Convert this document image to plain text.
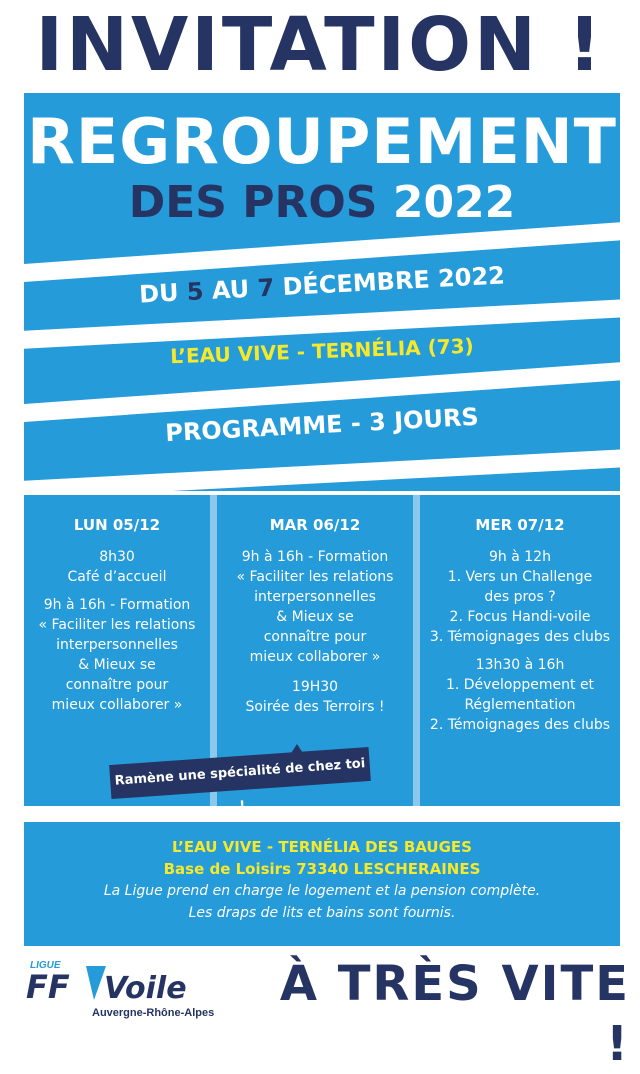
INVITATION !
REGROUPEMENT
DES PROS 2022
DU 5 AU 7 DÉCEMBRE 2022
L’EAU VIVE - TERNÉLIA (73)
PROGRAMME - 3 JOURS
LUN 05/12

8h30
Café d’accueil

9h à 16h - Formation
« Faciliter les relations
interpersonnelles
& Mieux se
connaître pour
mieux collaborer »

MAR 06/12

9h à 16h - Formation
« Faciliter les relations
interpersonnelles
& Mieux se
connaître pour
mieux collaborer »

19H30
Soirée des Terroirs !

MER 07/12

9h à 12h
1. Vers un Challenge
des pros ?
2. Focus Handi-voile
3. Témoignages des clubs

13h30 à 16h
1. Développement et
Réglementation
2. Témoignages des clubs

Ramène une spécialité de chez toi !
L’EAU VIVE - TERNÉLIA DES BAUGES
Base de Loisirs 73340 LESCHERAINES
La Ligue prend en charge le logement et la pension complète.
Les draps de lits et bains sont fournis.
LIGUE
FF Voile
Auvergne-Rhône-Alpes
À TRÈS VITE !
